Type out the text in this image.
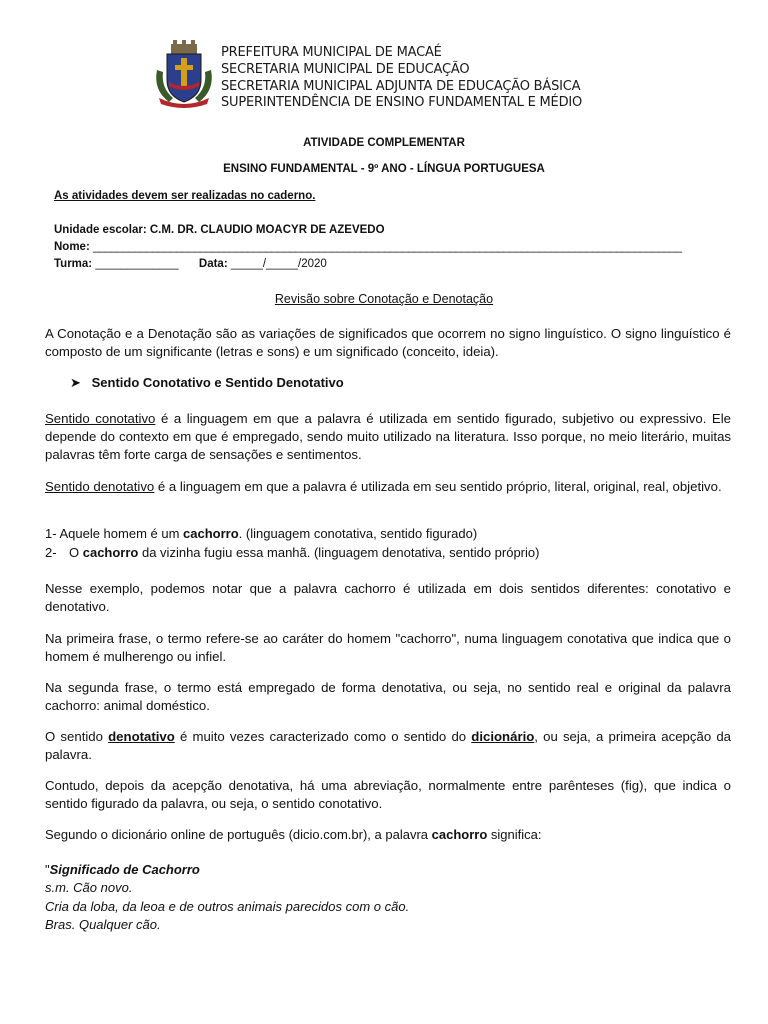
PREFEITURA MUNICIPAL DE MACAÉ
SECRETARIA MUNICIPAL DE EDUCAÇÃO
SECRETARIA MUNICIPAL ADJUNTA DE EDUCAÇÃO BÁSICA
SUPERINTENDÊNCIA DE ENSINO FUNDAMENTAL E MÉDIO
ATIVIDADE COMPLEMENTAR
ENSINO FUNDAMENTAL - 9º ANO - LÍNGUA PORTUGUESA
As atividades devem ser realizadas no caderno.
Unidade escolar: C.M. DR. CLAUDIO MOACYR DE AZEVEDO
Nome: ___________________________________________________________________________________________________
Turma: _____________ Data: _____/_____/2020
Revisão sobre Conotação e Denotação
A Conotação e a Denotação são as variações de significados que ocorrem no signo linguístico. O signo linguístico é composto de um significante (letras e sons) e um significado (conceito, ideia).
➤ Sentido Conotativo e Sentido Denotativo
Sentido conotativo é a linguagem em que a palavra é utilizada em sentido figurado, subjetivo ou expressivo. Ele depende do contexto em que é empregado, sendo muito utilizado na literatura. Isso porque, no meio literário, muitas palavras têm forte carga de sensações e sentimentos.
Sentido denotativo é a linguagem em que a palavra é utilizada em seu sentido próprio, literal, original, real, objetivo.
1- Aquele homem é um cachorro. (linguagem conotativa, sentido figurado)
2- O cachorro da vizinha fugiu essa manhã. (linguagem denotativa, sentido próprio)
Nesse exemplo, podemos notar que a palavra cachorro é utilizada em dois sentidos diferentes: conotativo e denotativo.
Na primeira frase, o termo refere-se ao caráter do homem "cachorro", numa linguagem conotativa que indica que o homem é mulherengo ou infiel.
Na segunda frase, o termo está empregado de forma denotativa, ou seja, no sentido real e original da palavra cachorro: animal doméstico.
O sentido denotativo é muito vezes caracterizado como o sentido do dicionário, ou seja, a primeira acepção da palavra.
Contudo, depois da acepção denotativa, há uma abreviação, normalmente entre parênteses (fig), que indica o sentido figurado da palavra, ou seja, o sentido conotativo.
Segundo o dicionário online de português (dicio.com.br), a palavra cachorro significa:
"Significado de Cachorro
s.m. Cão novo.
Cria da loba, da leoa e de outros animais parecidos com o cão.
Bras. Qualquer cão.
